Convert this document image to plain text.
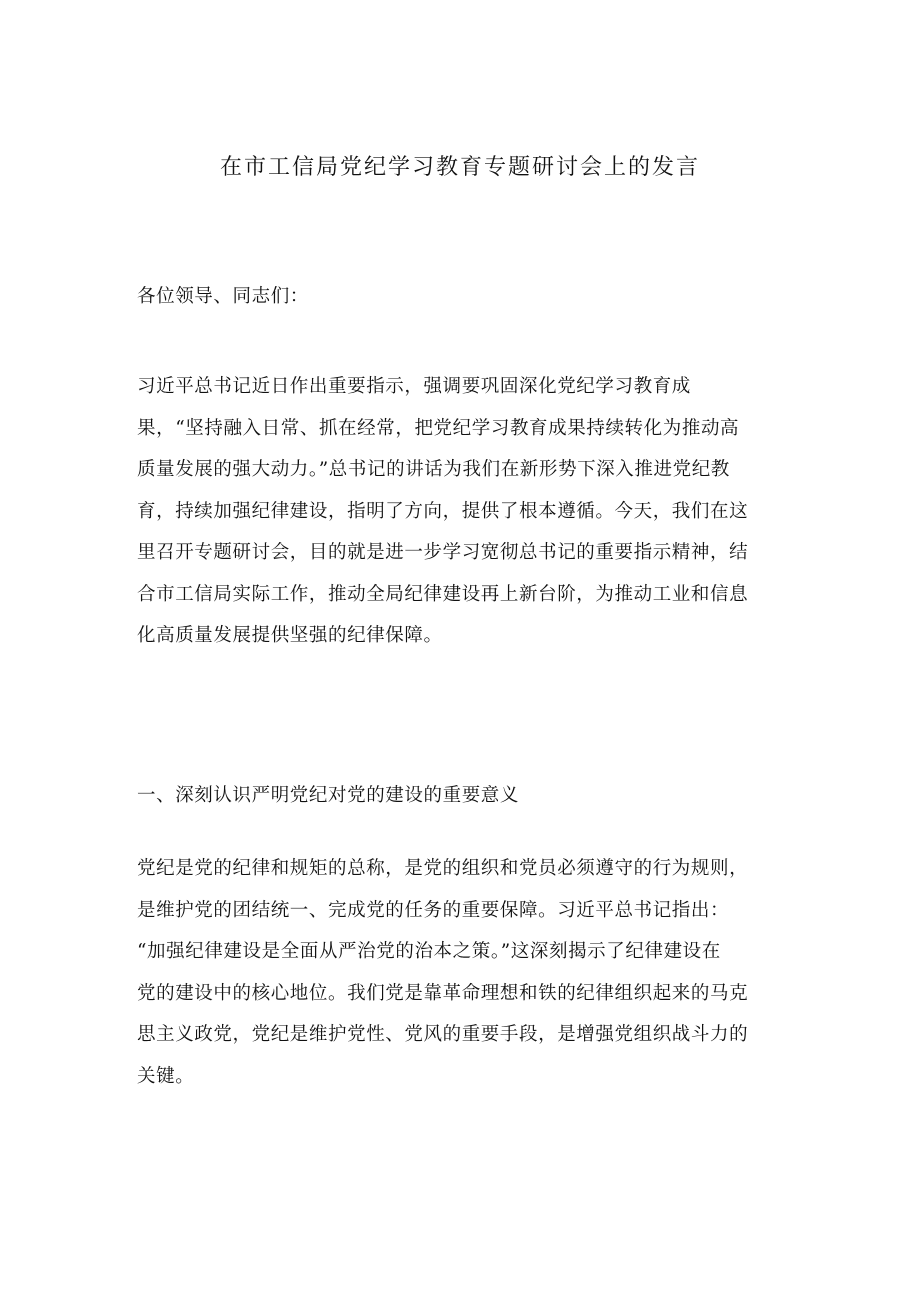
在市工信局党纪学习教育专题研讨会上的发言
各位领导、同志们：
习近平总书记近日作出重要指示，强调要巩固深化党纪学习教育成
果，“坚持融入日常、抓在经常，把党纪学习教育成果持续转化为推动高
质量发展的强大动力。”总书记的讲话为我们在新形势下深入推进党纪教
育，持续加强纪律建设，指明了方向，提供了根本遵循。今天，我们在这
里召开专题研讨会，目的就是进一步学习宽彻总书记的重要指示精神，结
合市工信局实际工作，推动全局纪律建设再上新台阶，为推动工业和信息
化高质量发展提供坚强的纪律保障。
一、深刻认识严明党纪对党的建设的重要意义
党纪是党的纪律和规矩的总称，是党的组织和党员必须遵守的行为规则，
是维护党的团结统一、完成党的任务的重要保障。习近平总书记指出：
“加强纪律建设是全面从严治党的治本之策。”这深刻揭示了纪律建设在
党的建设中的核心地位。我们党是靠革命理想和铁的纪律组织起来的马克
思主义政党，党纪是维护党性、党风的重要手段，是增强党组织战斗力的
关键。
